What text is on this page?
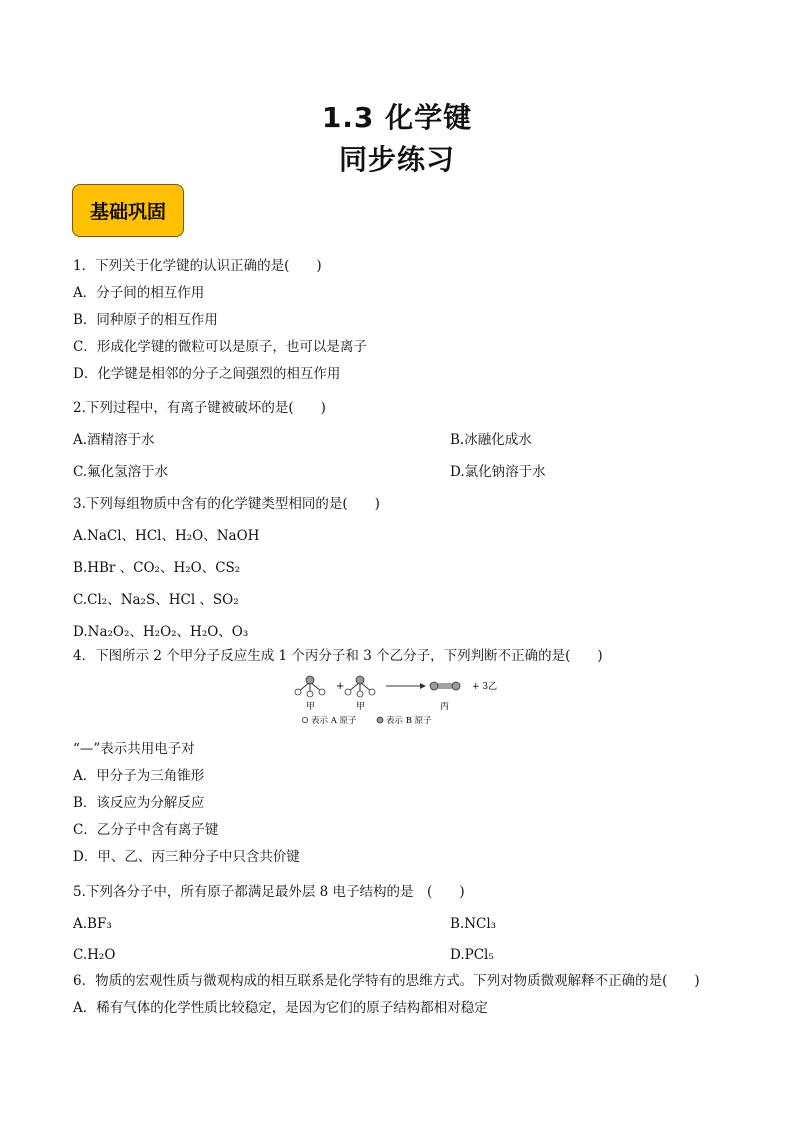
1.3 化学键
同步练习
基础巩固
1．下列关于化学键的认识正确的是(　　)
A．分子间的相互作用
B．同种原子的相互作用
C．形成化学键的微粒可以是原子，也可以是离子
D．化学键是相邻的分子之间强烈的相互作用
2.下列过程中，有离子键被破坏的是(　　)
A.酒精溶于水	B.冰融化成水
C.氟化氢溶于水	D.氯化钠溶于水
3.下列每组物质中含有的化学键类型相同的是(　　)
A.NaCl、HCl、H₂O、NaOH
B.HBr 、CO₂、H₂O、CS₂
C.Cl₂、Na₂S、HCl 、SO₂
D.Na₂O₂、H₂O₂、H₂O、O₃
4．下图所示 2 个甲分子反应生成 1 个丙分子和 3 个乙分子，下列判断不正确的是(　　)
+	+ 3乙
甲	甲	丙
表示 A 原子	表示 B 原子
“—”表示共用电子对
A．甲分子为三角锥形
B．该反应为分解反应
C．乙分子中含有离子键
D．甲、乙、丙三种分子中只含共价键
5.下列各分子中，所有原子都满足最外层 8 电子结构的是　(　　)
A.BF₃	B.NCl₃
C.H₂O	D.PCl₅
6．物质的宏观性质与微观构成的相互联系是化学特有的思维方式。下列对物质微观解释不正确的是(　　)
A．稀有气体的化学性质比较稳定，是因为它们的原子结构都相对稳定
